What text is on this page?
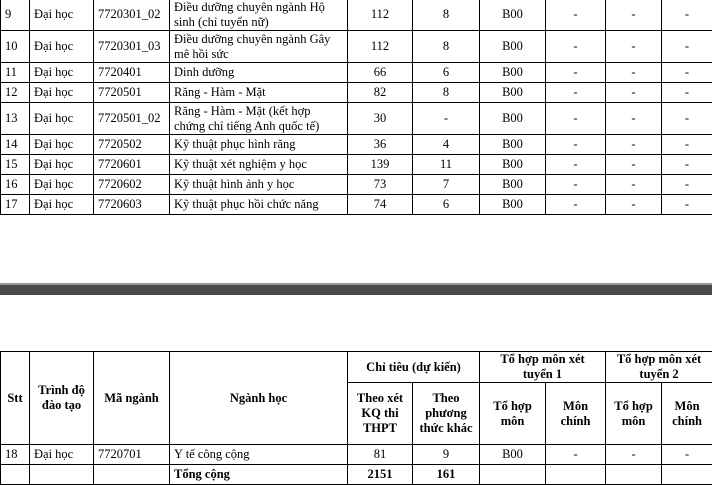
9	Đại học	7720301_02	Điều dưỡng chuyên ngành Hộ sinh (chỉ tuyển nữ)	112	8	B00	-	-	-
10	Đại học	7720301_03	Điều dưỡng chuyên ngành Gây mê hồi sức	112	8	B00	-	-	-
11	Đại học	7720401	Dinh dưỡng	66	6	B00	-	-	-
12	Đại học	7720501	Răng - Hàm - Mặt	82	8	B00	-	-	-
13	Đại học	7720501_02	Răng - Hàm - Mặt (kết hợp chứng chỉ tiếng Anh quốc tế)	30	-	B00	-	-	-
14	Đại học	7720502	Kỹ thuật phục hình răng	36	4	B00	-	-	-
15	Đại học	7720601	Kỹ thuật xét nghiệm y học	139	11	B00	-	-	-
16	Đại học	7720602	Kỹ thuật hình ảnh y học	73	7	B00	-	-	-
17	Đại học	7720603	Kỹ thuật phục hồi chức năng	74	6	B00	-	-	-
Stt	Trình độ đào tạo	Mã ngành	Ngành học	Chỉ tiêu (dự kiến)		Tổ hợp môn xét tuyển 1		Tổ hợp môn xét tuyển 2	
				Theo xét KQ thi THPT	Theo phương thức khác	Tổ hợp môn	Môn chính	Tổ hợp môn	Môn chính
18	Đại học	7720701	Y tế công cộng	81	9	B00	-	-	-
			Tổng cộng	2151	161				
